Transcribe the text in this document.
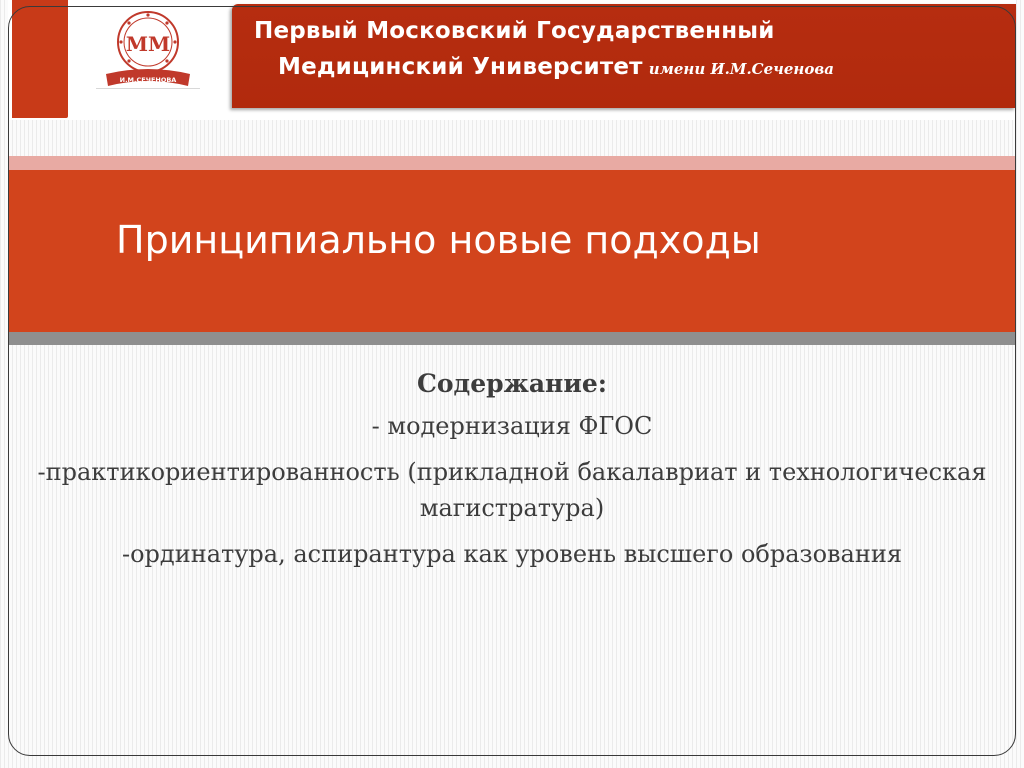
ММ
И.М.СЕЧЕНОВА
Первый Московский Государственный
Медицинский Университет имени И.М.Сеченова
Принципиально новые подходы

Содержание:

- модернизация ФГОС

-практикориентированность (прикладной бакалавриат и технологическая магистратура)

-ординатура, аспирантура как уровень высшего образования
